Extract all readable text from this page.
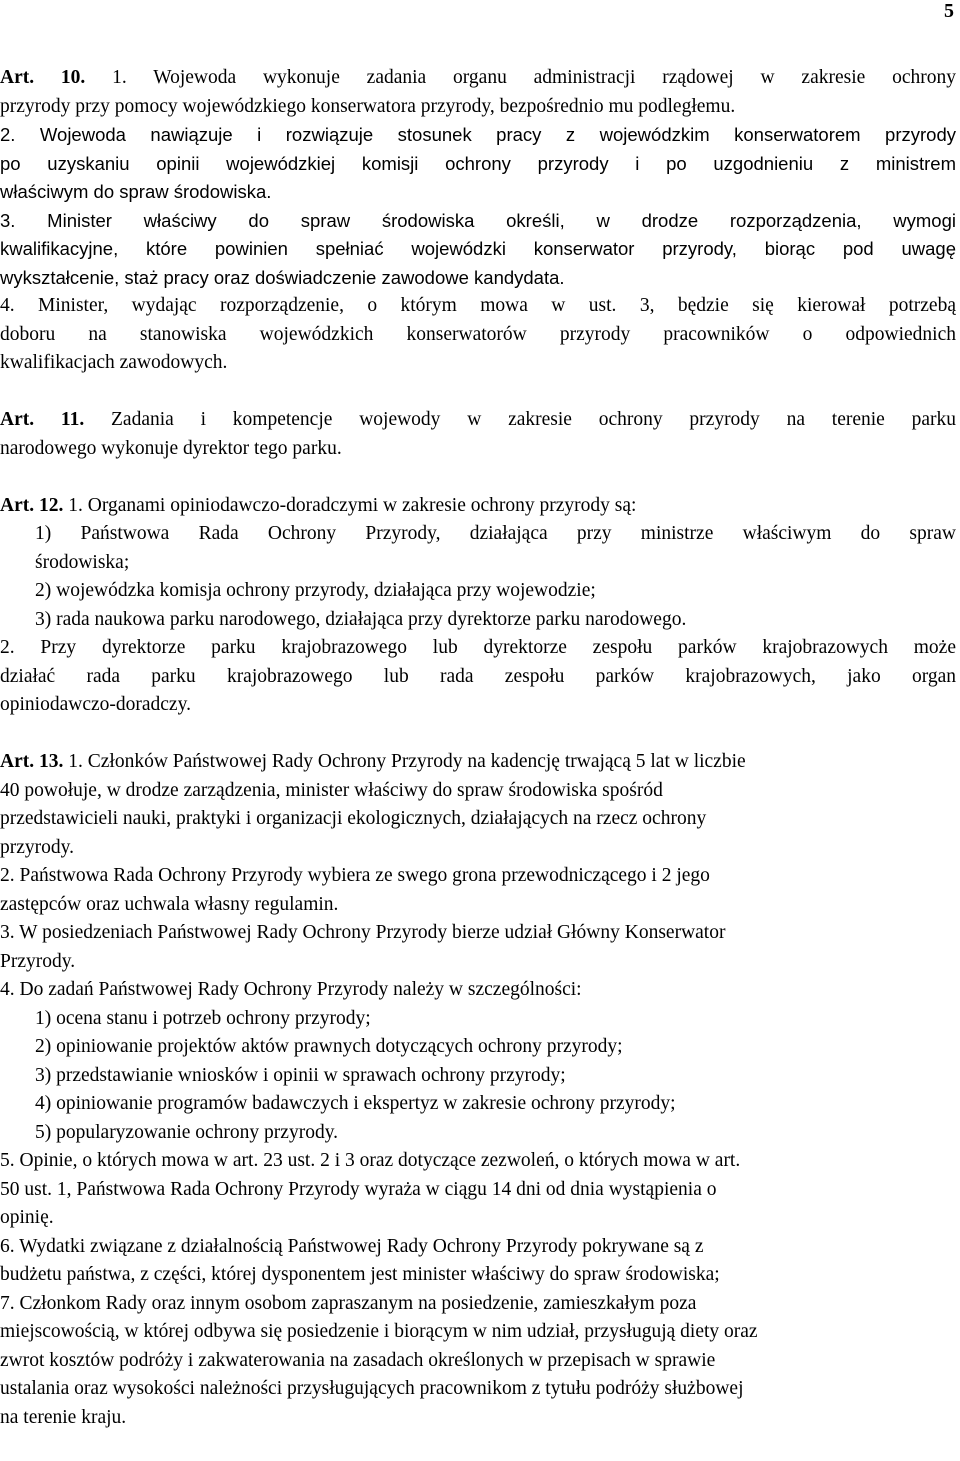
5
Art. 10. 1. Wojewoda wykonuje zadania organu administracji rządowej w zakresie ochrony
przyrody przy pomocy wojewódzkiego konserwatora przyrody, bezpośrednio mu podległemu.
2. Wojewoda nawiązuje i rozwiązuje stosunek pracy z wojewódzkim konserwatorem przyrody
po uzyskaniu opinii wojewódzkiej komisji ochrony przyrody i po uzgodnieniu z ministrem
właściwym do spraw środowiska.
3. Minister właściwy do spraw środowiska określi, w drodze rozporządzenia, wymogi
kwalifikacyjne, które powinien spełniać wojewódzki konserwator przyrody, biorąc pod uwagę
wykształcenie, staż pracy oraz doświadczenie zawodowe kandydata.
4. Minister, wydając rozporządzenie, o którym mowa w ust. 3, będzie się kierował potrzebą
doboru na stanowiska wojewódzkich konserwatorów przyrody pracowników o odpowiednich
kwalifikacjach zawodowych.
Art. 11. Zadania i kompetencje wojewody w zakresie ochrony przyrody na terenie parku
narodowego wykonuje dyrektor tego parku.
Art. 12. 1. Organami opiniodawczo-doradczymi w zakresie ochrony przyrody są:
1) Państwowa Rada Ochrony Przyrody, działająca przy ministrze właściwym do spraw
środowiska;
2) wojewódzka komisja ochrony przyrody, działająca przy wojewodzie;
3) rada naukowa parku narodowego, działająca przy dyrektorze parku narodowego.
2. Przy dyrektorze parku krajobrazowego lub dyrektorze zespołu parków krajobrazowych może
działać rada parku krajobrazowego lub rada zespołu parków krajobrazowych, jako organ
opiniodawczo-doradczy.
Art. 13. 1. Członków Państwowej Rady Ochrony Przyrody na kadencję trwającą 5 lat w liczbie
40 powołuje, w drodze zarządzenia, minister właściwy do spraw środowiska spośród
przedstawicieli nauki, praktyki i organizacji ekologicznych, działających na rzecz ochrony
przyrody.
2. Państwowa Rada Ochrony Przyrody wybiera ze swego grona przewodniczącego i 2 jego
zastępców oraz uchwala własny regulamin.
3. W posiedzeniach Państwowej Rady Ochrony Przyrody bierze udział Główny Konserwator
Przyrody.
4. Do zadań Państwowej Rady Ochrony Przyrody należy w szczególności:
1) ocena stanu i potrzeb ochrony przyrody;
2) opiniowanie projektów aktów prawnych dotyczących ochrony przyrody;
3) przedstawianie wniosków i opinii w sprawach ochrony przyrody;
4) opiniowanie programów badawczych i ekspertyz w zakresie ochrony przyrody;
5) popularyzowanie ochrony przyrody.
5. Opinie, o których mowa w art. 23 ust. 2 i 3 oraz dotyczące zezwoleń, o których mowa w art.
50 ust. 1, Państwowa Rada Ochrony Przyrody wyraża w ciągu 14 dni od dnia wystąpienia o
opinię.
6. Wydatki związane z działalnością Państwowej Rady Ochrony Przyrody pokrywane są z
budżetu państwa, z części, której dysponentem jest minister właściwy do spraw środowiska;
7. Członkom Rady oraz innym osobom zapraszanym na posiedzenie, zamieszkałym poza
miejscowością, w której odbywa się posiedzenie i biorącym w nim udział, przysługują diety oraz
zwrot kosztów podróży i zakwaterowania na zasadach określonych w przepisach w sprawie
ustalania oraz wysokości należności przysługujących pracownikom z tytułu podróży służbowej
na terenie kraju.
